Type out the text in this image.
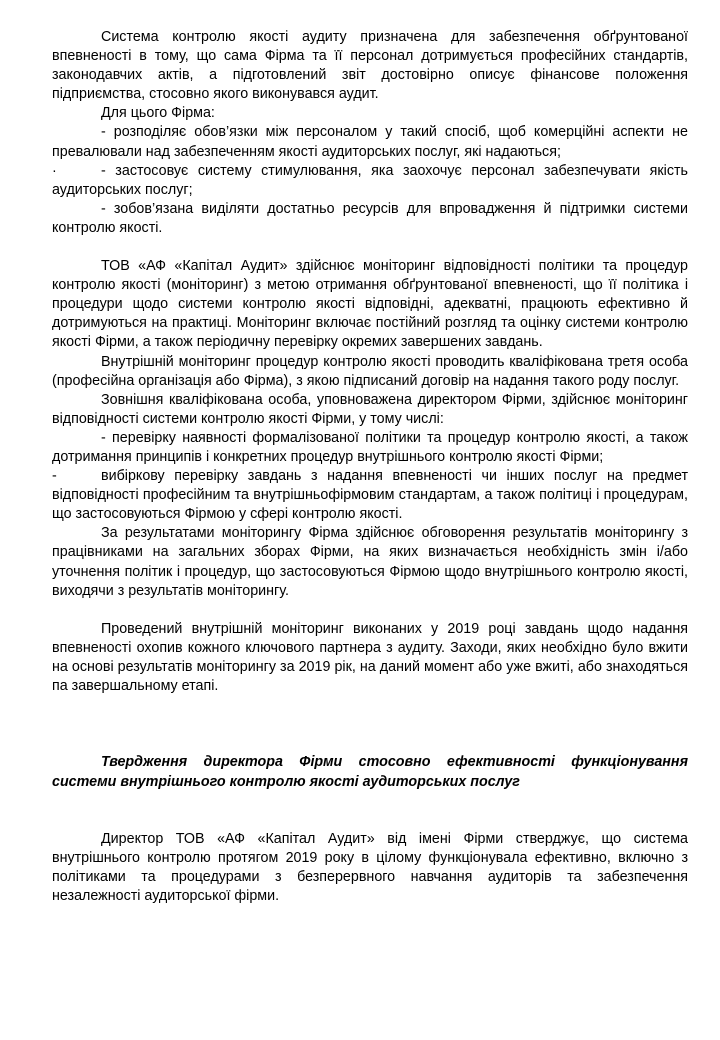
Система контролю якості аудиту призначена для забезпечення обґрунтованої впевненості в тому, що сама Фірма та її персонал дотримується професійних стандартів, законодавчих актів, а підготовлений звіт достовірно описує фінансове положення підприємства, стосовно якого виконувався аудит.

Для цього Фірма:

- розподіляє обов’язки між персоналом у такий спосіб, щоб комерційні аспекти не превалювали над забезпеченням якості аудиторських послуг, які надаються;

·	- застосовує систему стимулювання, яка заохочує персонал забезпечувати якість аудиторських послуг;

- зобов’язана виділяти достатньо ресурсів для впровадження й підтримки системи контролю якості.

ТОВ «АФ «Капітал Аудит» здійснює моніторинг відповідності політики та процедур контролю якості (моніторинг) з метою отримання обґрунтованої впевненості, що її політика і процедури щодо системи контролю якості відповідні, адекватні, працюють ефективно й дотримуються на практиці. Моніторинг включає постійний розгляд та оцінку системи контролю якості Фірми, а також періодичну перевірку окремих завершених завдань.

Внутрішній моніторинг процедур контролю якості проводить кваліфікована третя особа (професійна організація або Фірма), з якою підписаний договір на надання такого роду послуг.

Зовнішня кваліфікована особа, уповноважена директором Фірми, здійснює моніторинг відповідності системи контролю якості Фірми, у тому числі:

- перевірку наявності формалізованої політики та процедур контролю якості, а також дотримання принципів і конкретних процедур внутрішнього контролю якості Фірми;

-	вибіркову перевірку завдань з надання впевненості чи інших послуг на предмет відповідності професійним та внутрішньофірмовим стандартам, а також політиці і процедурам, що застосовуються Фірмою у сфері контролю якості.

За результатами моніторингу Фірма здійснює обговорення результатів моніторингу з працівниками на загальних зборах Фірми, на яких визначається необхідність змін і/або уточнення політик і процедур, що застосовуються Фірмою щодо внутрішнього контролю якості, виходячи з результатів моніторингу.

Проведений внутрішній моніторинг виконаних у 2019 році завдань щодо надання впевненості охопив кожного ключового партнера з аудиту. Заходи, яких необхідно було вжити на основі результатів моніторингу за 2019 рік, на даний момент або уже вжиті, або знаходяться па завершальному етапі.

Твердження директора Фірми стосовно ефективності функціонування системи внутрішнього контролю якості аудиторських послуг

Директор ТОВ «АФ «Капітал Аудит» від імені Фірми стверджує, що система внутрішнього контролю протягом 2019 року в цілому функціонувала ефективно, включно з політиками та процедурами з безперервного навчання аудиторів та забезпечення незалежності аудиторської фірми.
